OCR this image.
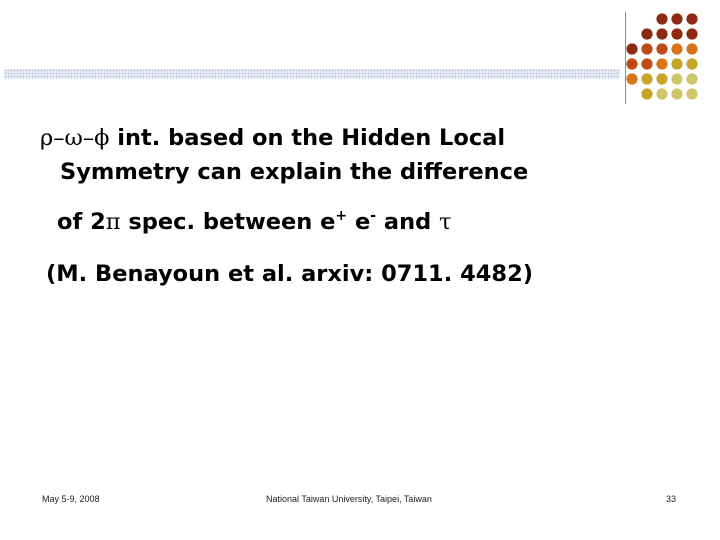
ρ–ω–ϕ int. based on the Hidden Local
Symmetry can explain the difference
of 2π spec. between e+ e- and τ
(M. Benayoun et al. arxiv: 0711. 4482)
May 5-9, 2008	National Taiwan University, Taipei, Taiwan	33
